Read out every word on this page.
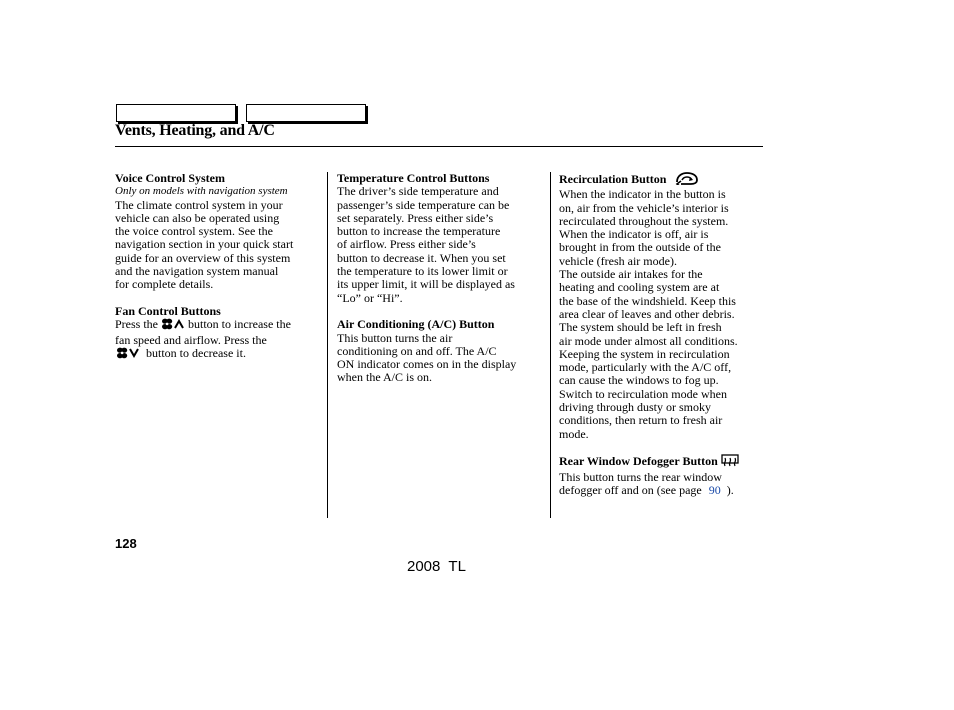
Vents, Heating, and A/C
Voice Control System
Only on models with navigation system
The climate control system in your
vehicle can also be operated using
the voice control system. See the
navigation section in your quick start
guide for an overview of this system
and the navigation system manual
for complete details.
Fan Control Buttons
Press the	button to increase the
fan speed and airflow. Press the
button to decrease it.
Temperature Control Buttons
The driver’s side temperature and
passenger’s side temperature can be
set separately. Press either side’s
button to increase the temperature
of airflow. Press either side’s
button to decrease it. When you set
the temperature to its lower limit or
its upper limit, it will be displayed as
“Lo” or “Hi”.
Air Conditioning (A/C) Button
This button turns the air
conditioning on and off. The A/C
ON indicator comes on in the display
when the A/C is on.
Recirculation Button
When the indicator in the button is
on, air from the vehicle’s interior is
recirculated throughout the system.
When the indicator is off, air is
brought in from the outside of the
vehicle (fresh air mode).
The outside air intakes for the
heating and cooling system are at
the base of the windshield. Keep this
area clear of leaves and other debris.
The system should be left in fresh
air mode under almost all conditions.
Keeping the system in recirculation
mode, particularly with the A/C off,
can cause the windows to fog up.
Switch to recirculation mode when
driving through dusty or smoky
conditions, then return to fresh air
mode.
Rear Window Defogger Button
This button turns the rear window
defogger off and on (see page 90 ).
128
2008  TL
